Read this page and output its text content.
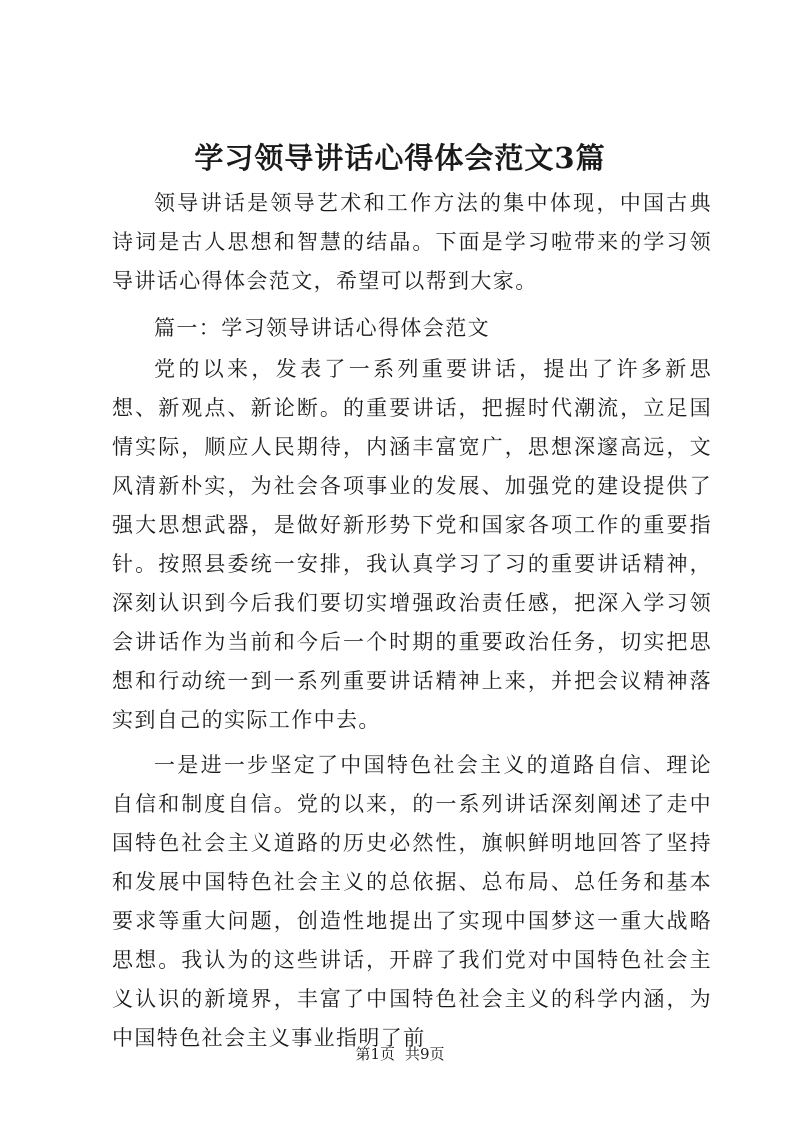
学习领导讲话心得体会范文3篇

领导讲话是领导艺术和工作方法的集中体现，中国古典诗词是古人思想和智慧的结晶。下面是学习啦带来的学习领导讲话心得体会范文，希望可以帮到大家。

篇一：学习领导讲话心得体会范文

党的以来，发表了一系列重要讲话，提出了许多新思想、新观点、新论断。的重要讲话，把握时代潮流，立足国情实际，顺应人民期待，内涵丰富宽广，思想深邃高远，文风清新朴实，为社会各项事业的发展、加强党的建设提供了强大思想武器，是做好新形势下党和国家各项工作的重要指针。按照县委统一安排，我认真学习了习的重要讲话精神，深刻认识到今后我们要切实增强政治责任感，把深入学习领会讲话作为当前和今后一个时期的重要政治任务，切实把思想和行动统一到一系列重要讲话精神上来，并把会议精神落实到自己的实际工作中去。

一是进一步坚定了中国特色社会主义的道路自信、理论自信和制度自信。党的以来，的一系列讲话深刻阐述了走中国特色社会主义道路的历史必然性，旗帜鲜明地回答了坚持和发展中国特色社会主义的总依据、总布局、总任务和基本要求等重大问题，创造性地提出了实现中国梦这一重大战略思想。我认为的这些讲话，开辟了我们党对中国特色社会主义认识的新境界，丰富了中国特色社会主义的科学内涵，为中国特色社会主义事业指明了前

第1页 共9页
